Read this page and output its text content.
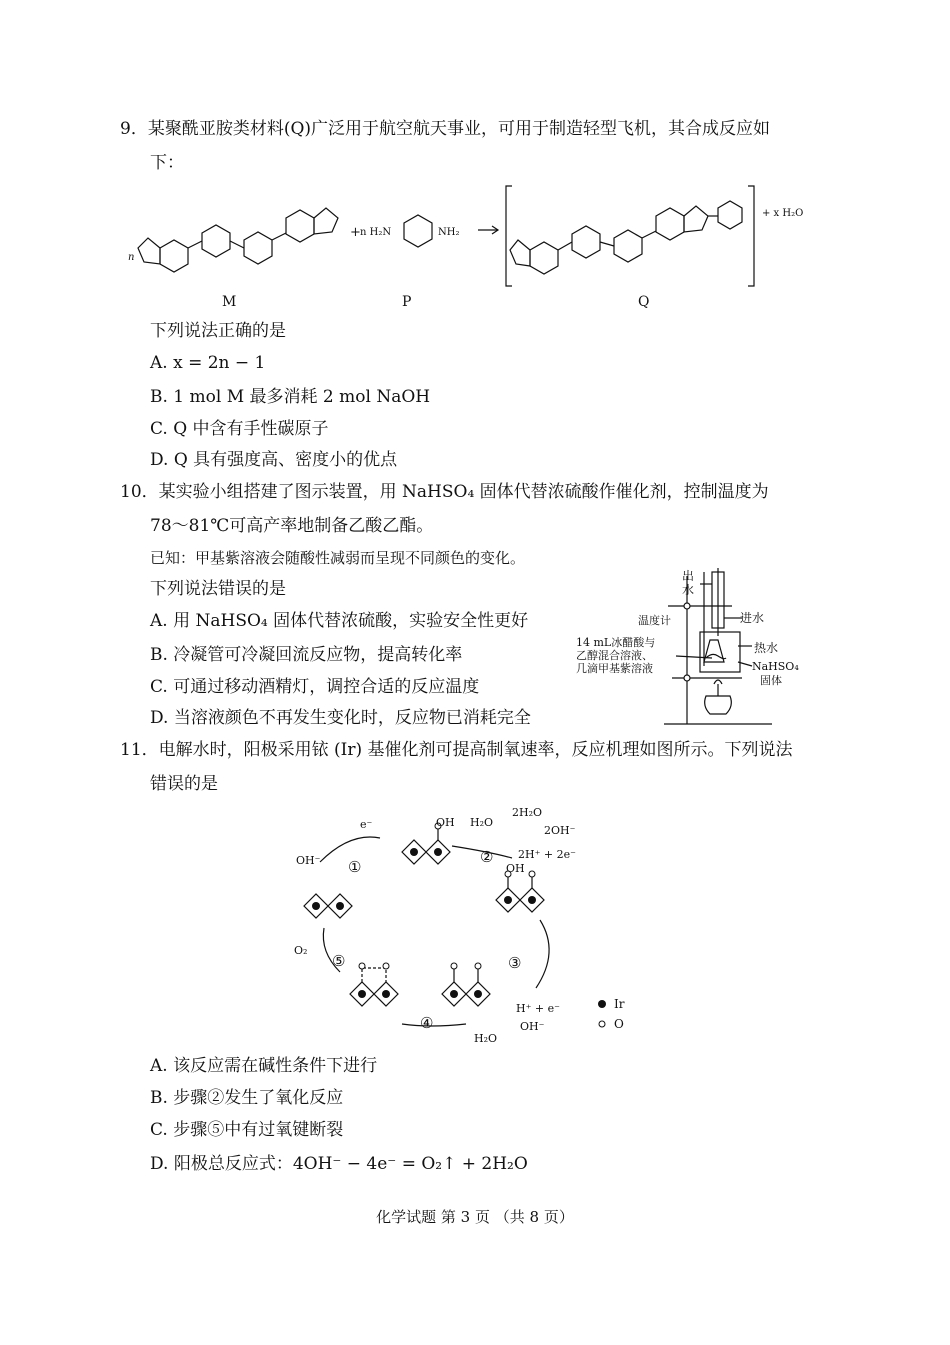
9．某聚酰亚胺类材料(Q)广泛用于航空航天事业，可用于制造轻型飞机，其合成反应如
下：
n
+ n H₂N	NH₂
+ x H₂O
M	P	Q
下列说法正确的是
A. x = 2n − 1
B. 1 mol M 最多消耗 2 mol NaOH
C. Q 中含有手性碳原子
D. Q 具有强度高、密度小的优点
10．某实验小组搭建了图示装置，用 NaHSO₄ 固体代替浓硫酸作催化剂，控制温度为
78～81℃可高产率地制备乙酸乙酯。
已知：甲基紫溶液会随酸性减弱而呈现不同颜色的变化。
下列说法错误的是
A. 用 NaHSO₄ 固体代替浓硫酸，实验安全性更好
B. 冷凝管可冷凝回流反应物，提高转化率
C. 可通过移动酒精灯，调控合适的反应温度
D. 当溶液颜色不再发生变化时，反应物已消耗完全
出
水
温度计	进水
14 mL冰醋酸与
乙醇混合溶液、
几滴甲基紫溶液
热水
NaHSO₄
固体
11．电解水时，阳极采用铱 (Ir) 基催化剂可提高制氧速率，反应机理如图所示。下列说法
错误的是
OH⁻
e⁻
①
OH H₂O
2H₂O
2OH⁻
2H⁺ + 2e⁻
②
OH
③
H⁺ + e⁻
OH⁻
H₂O
④
⑤
O₂
Ir
O
A. 该反应需在碱性条件下进行
B. 步骤②发生了氧化反应
C. 步骤⑤中有过氧键断裂
D. 阳极总反应式：4OH⁻ − 4e⁻ = O₂↑ + 2H₂O
化学试题 第 3 页 （共 8 页）
